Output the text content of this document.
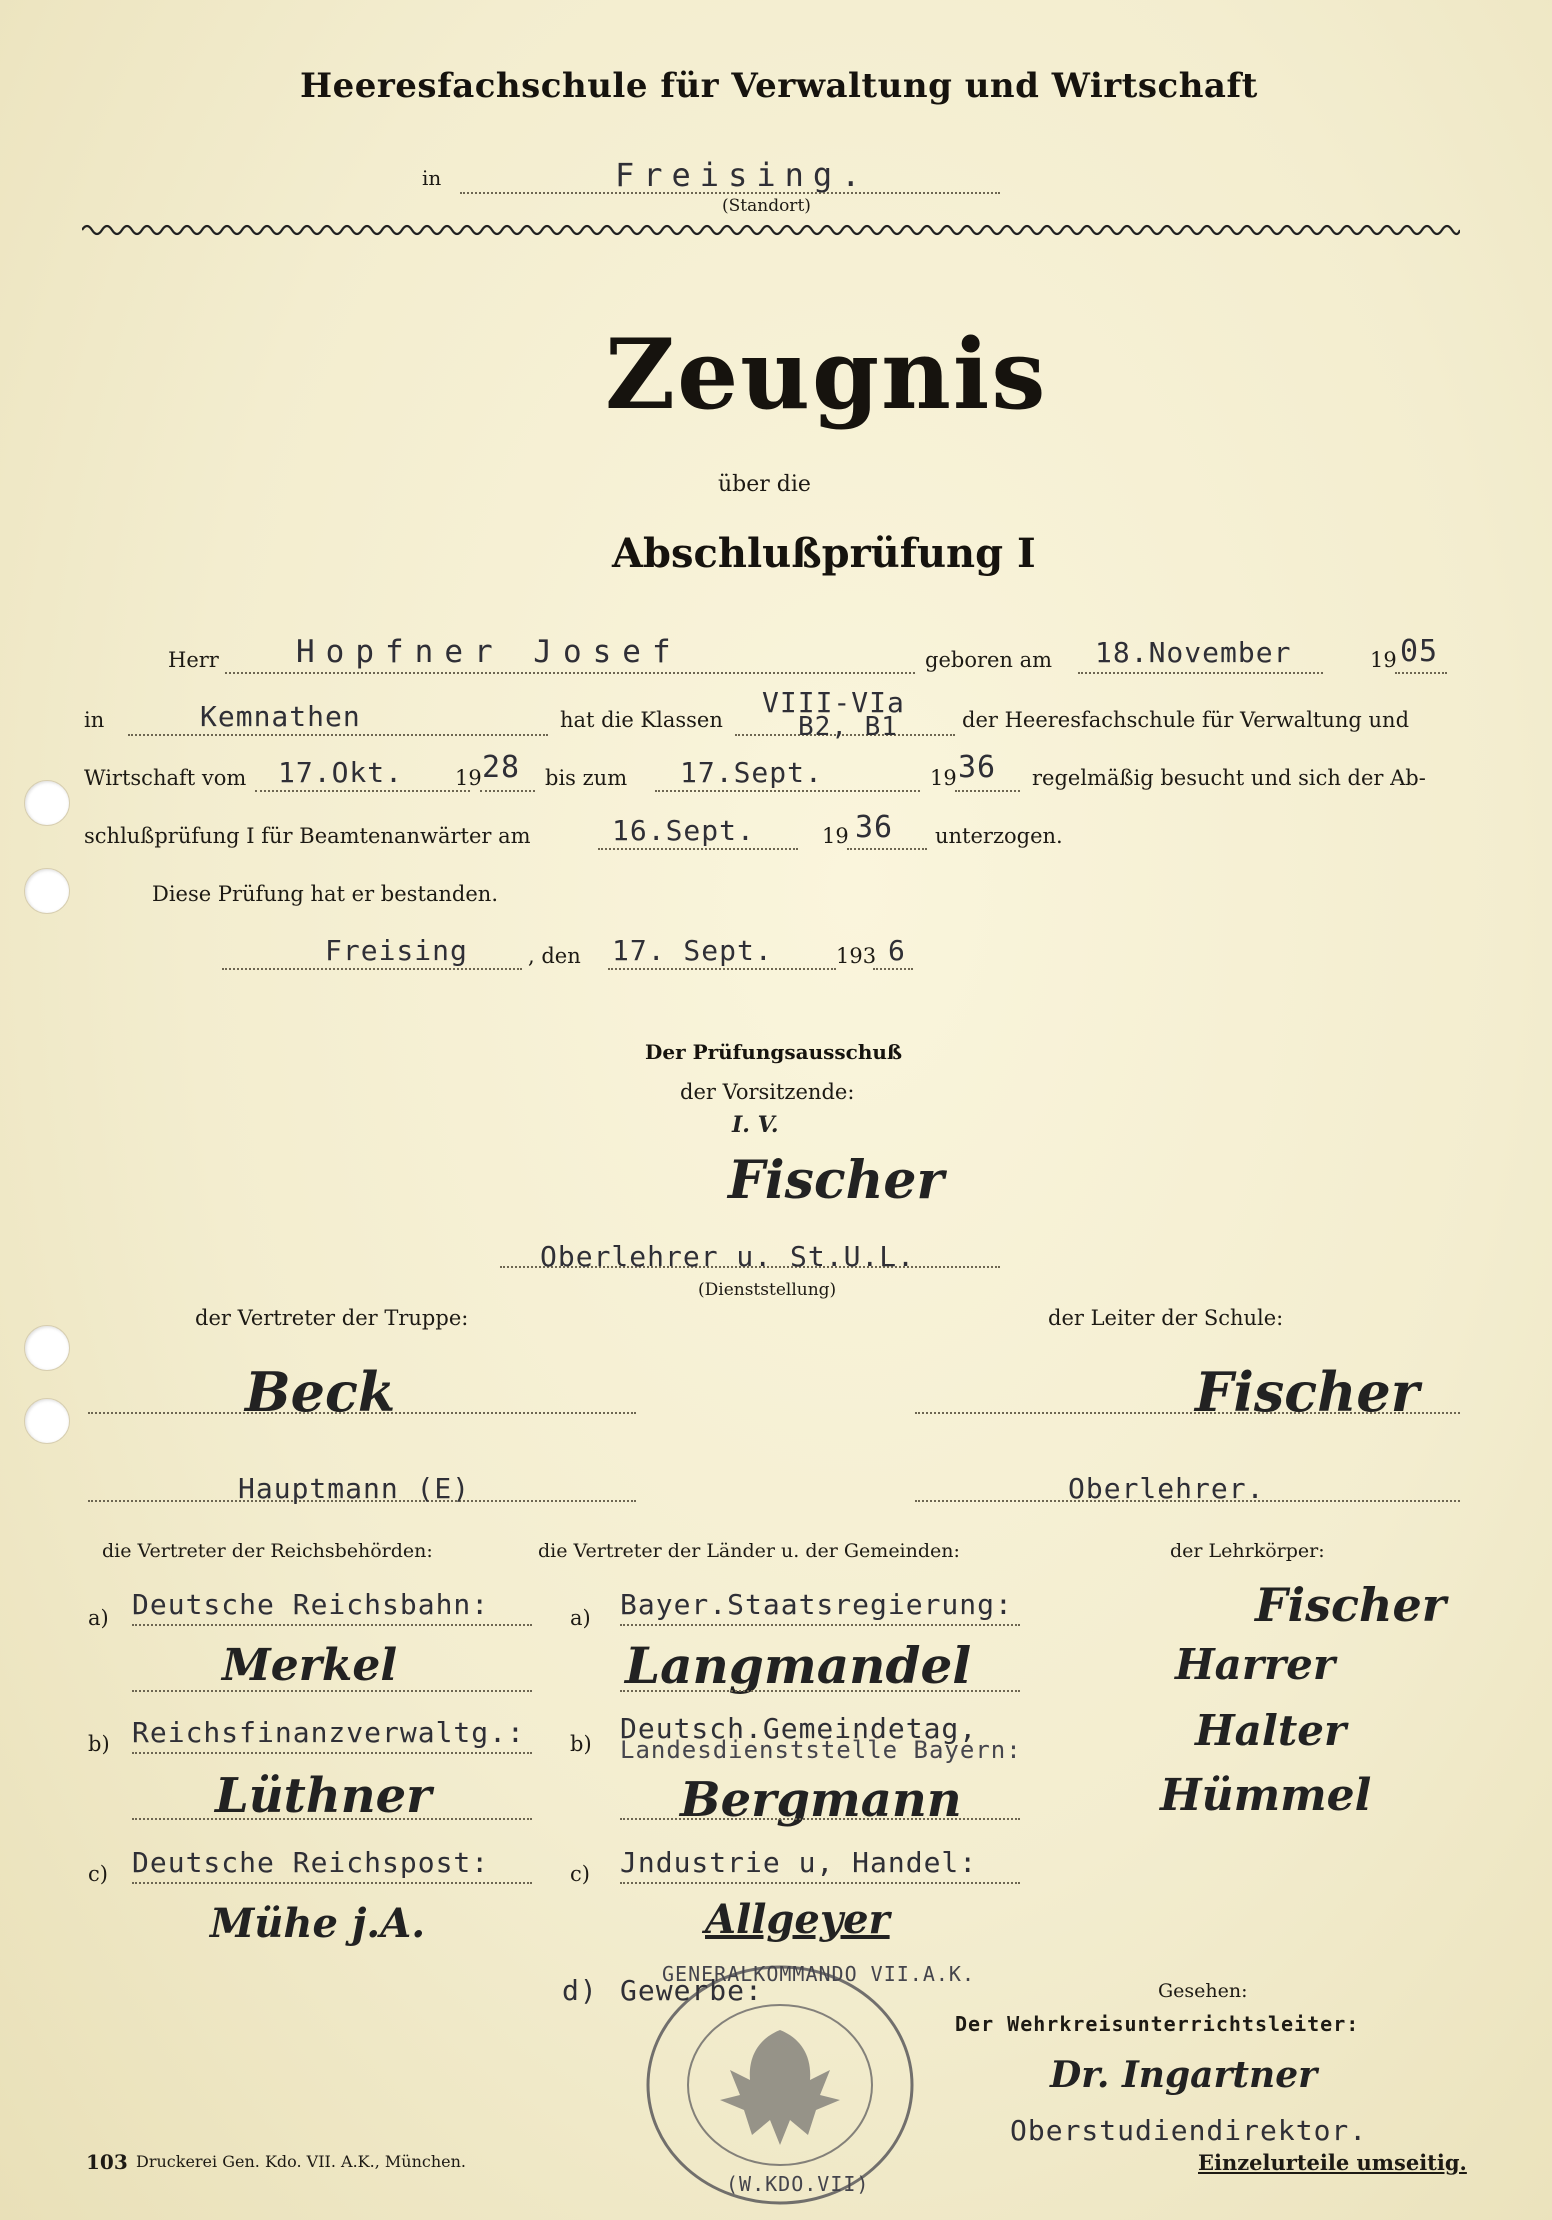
Heeresfachschule für Verwaltung und Wirtschaft
in	Freising.
(Standort)
Zeugnis
über die
Abschlußprüfung I
Herr Hopfner Josef	geboren am 18.November	19 05
in	Kemnathen	hat die Klassen
VIII-VIa
B2, B1	der Heeresfachschule für Verwaltung und
Wirtschaft vom 17.Okt. 19 28 bis zum 17.Sept.	19 36 regelmäßig besucht und sich der Ab-
schlußprüfung I für Beamtenanwärter am	16.Sept.	19 36 unterzogen.
Diese Prüfung hat er bestanden.
Freising	, den 17. Sept.	193 6
Der Prüfungsausschuß
der Vorsitzende:
I. V.
Fischer
Oberlehrer u. St.U.L.
(Dienststellung)
der Vertreter der Truppe:
Beck
Hauptmann (E)
der Leiter der Schule:
Fischer
Oberlehrer.
die Vertreter der Reichsbehörden:	die Vertreter der Länder u. der Gemeinden:	der Lehrkörper:
a) Deutsche Reichsbahn:
Merkel
b) Reichsfinanzverwaltg.:
Lüthner
c) Deutsche Reichspost:
Mühe j.A.
a) Bayer.Staatsregierung:
Langmandel
b) Deutsch.Gemeindetag,
Landesdienststelle Bayern:
Bergmann
c) Jndustrie u, Handel:
Allgeyer
d) Gewerbe:
Fischer
Harrer
Halter
Hümmel
GENERALKOMMANDO VII.A.K.
(W.KDO.VII)
Gesehen:
Der Wehrkreisunterrichtsleiter:
Dr. Ingartner
Oberstudiendirektor.
Einzelurteile umseitig.
103 Druckerei Gen. Kdo. VII. A.K., München.
